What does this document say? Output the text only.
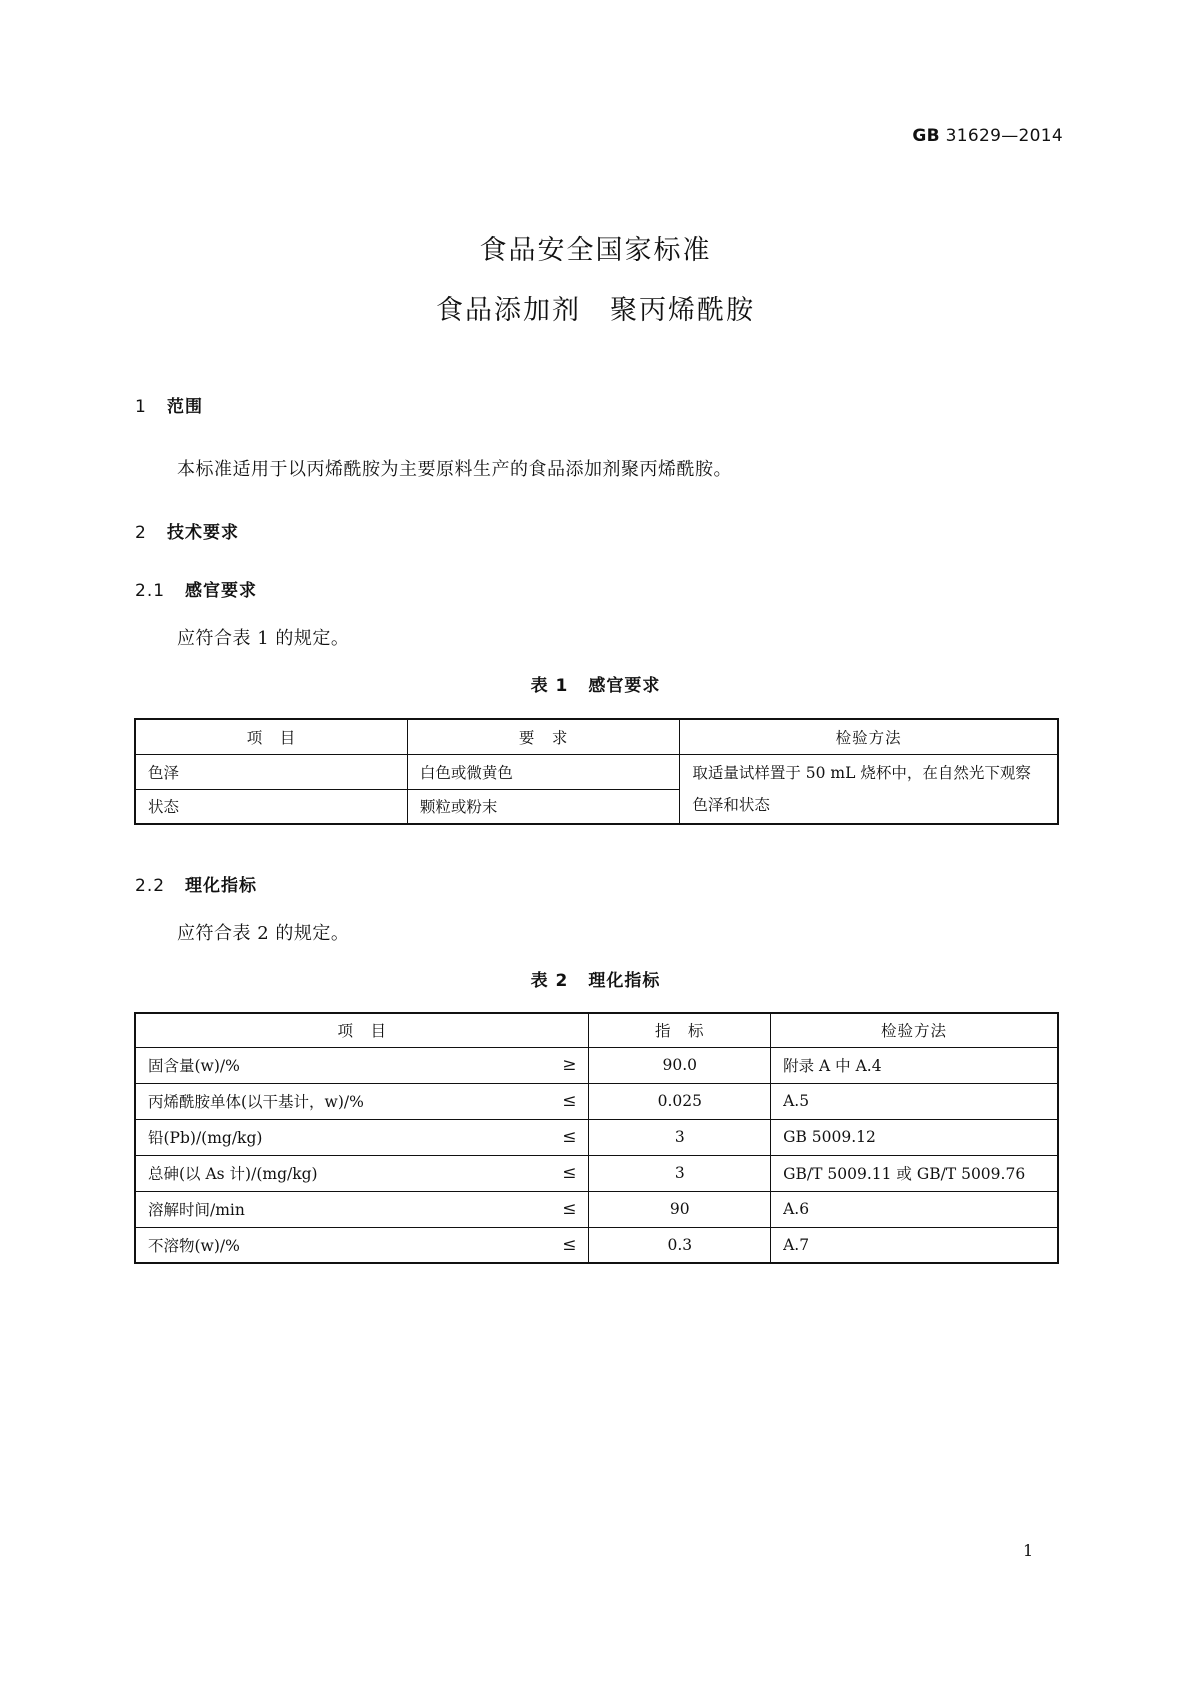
GB 31629—2014
食品安全国家标准
食品添加剂　聚丙烯酰胺
1 范围
本标准适用于以丙烯酰胺为主要原料生产的食品添加剂聚丙烯酰胺。
2 技术要求
2.1 感官要求
应符合表 1 的规定。
表 1 感官要求
项　目	要　求	检验方法
色泽	白色或微黄色	取适量试样置于 50 mL 烧杯中，在自然光下观察色泽和状态
状态	颗粒或粉末	
2.2 理化指标
应符合表 2 的规定。
表 2 理化指标
项　目	指　标	检验方法
固含量(w)/% ≥	90.0	附录 A 中 A.4
丙烯酰胺单体(以干基计，w)/% ≤	0.025	A.5
铅(Pb)/(mg/kg) ≤	3	GB 5009.12
总砷(以 As 计)/(mg/kg) ≤	3	GB/T 5009.11 或 GB/T 5009.76
溶解时间/min ≤	90	A.6
不溶物(w)/% ≤	0.3	A.7
1
